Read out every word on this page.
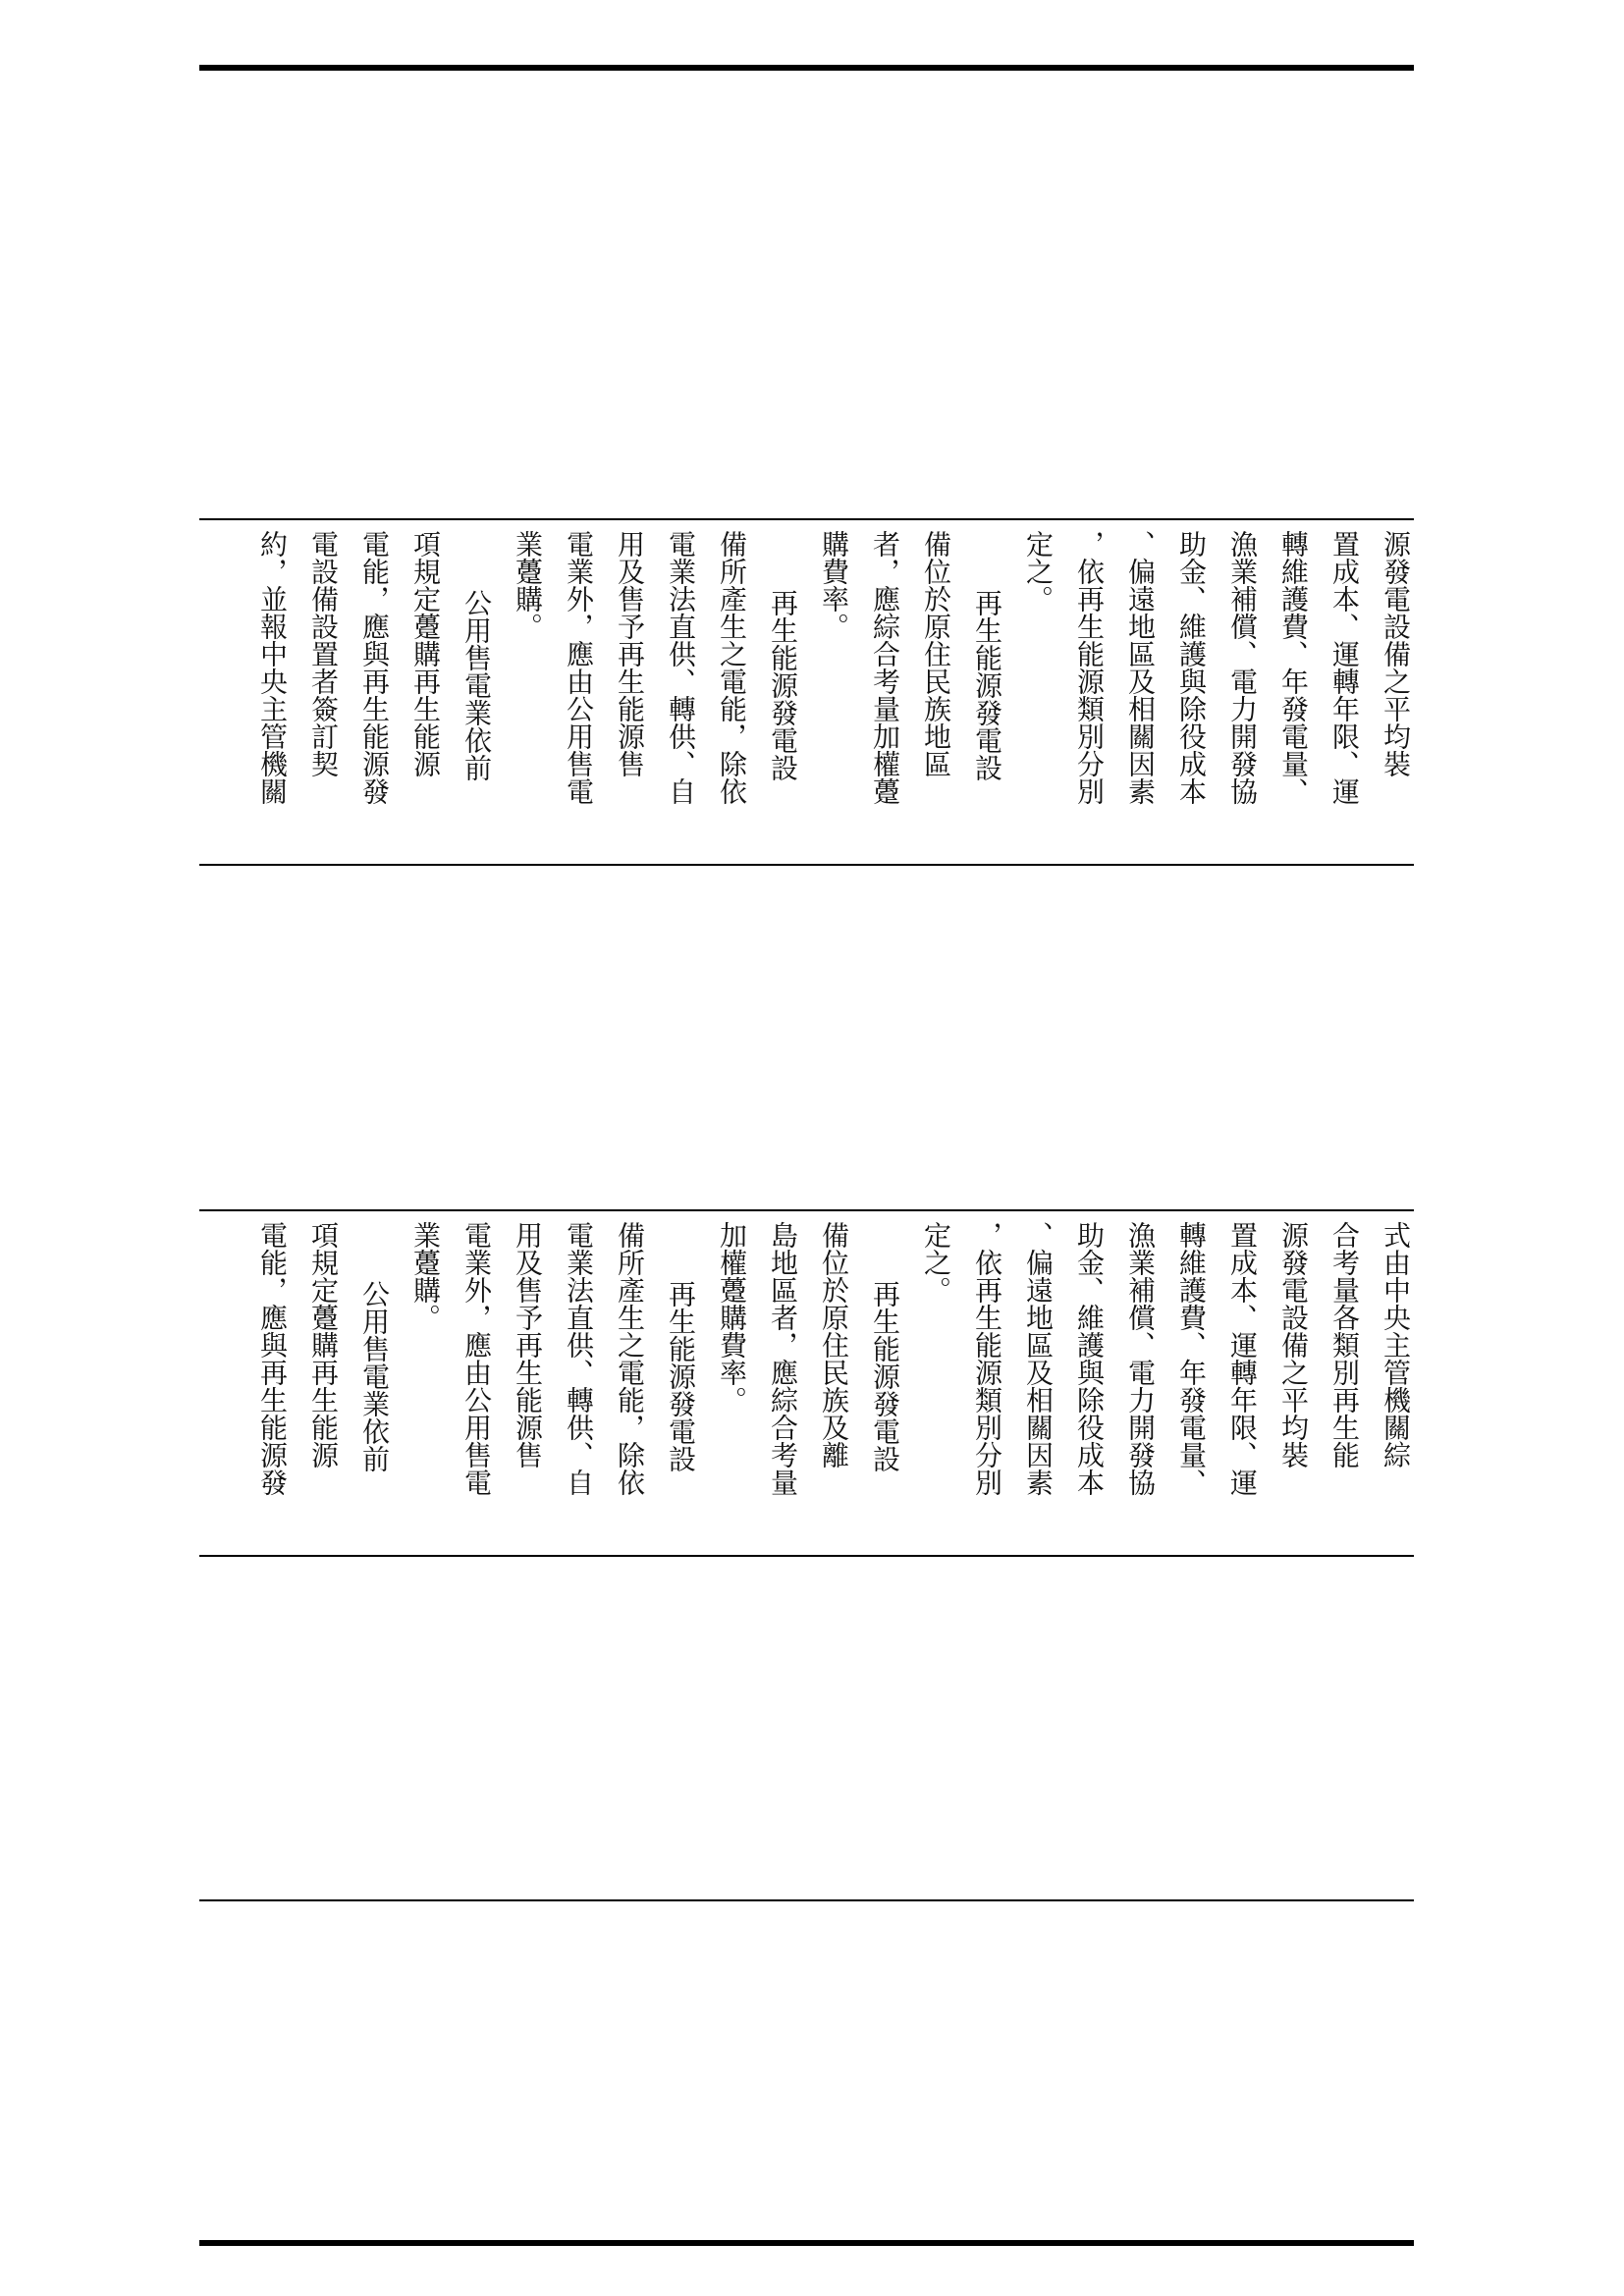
源發電設備之平均裝
置成本、運轉年限、運
轉維護費、年發電量、
漁業補償、電力開發協
助金、維護與除役成本
、偏遠地區及相關因素
，依再生能源類別分別
定之。
再生能源發電設
備位於原住民族地區
者，應綜合考量加權躉
購費率。
再生能源發電設
備所產生之電能，除依
電業法直供、轉供、自
用及售予再生能源售
電業外，應由公用售電
業躉購。
公用售電業依前
項規定躉購再生能源
電能，應與再生能源發
電設備設置者簽訂契
約，並報中央主管機關
式由中央主管機關綜
合考量各類別再生能
源發電設備之平均裝
置成本、運轉年限、運
轉維護費、年發電量、
漁業補償、電力開發協
助金、維護與除役成本
、偏遠地區及相關因素
，依再生能源類別分別
定之。
再生能源發電設
備位於原住民族及離
島地區者，應綜合考量
加權躉購費率。
再生能源發電設
備所產生之電能，除依
電業法直供、轉供、自
用及售予再生能源售
電業外，應由公用售電
業躉購。
公用售電業依前
項規定躉購再生能源
電能，應與再生能源發
